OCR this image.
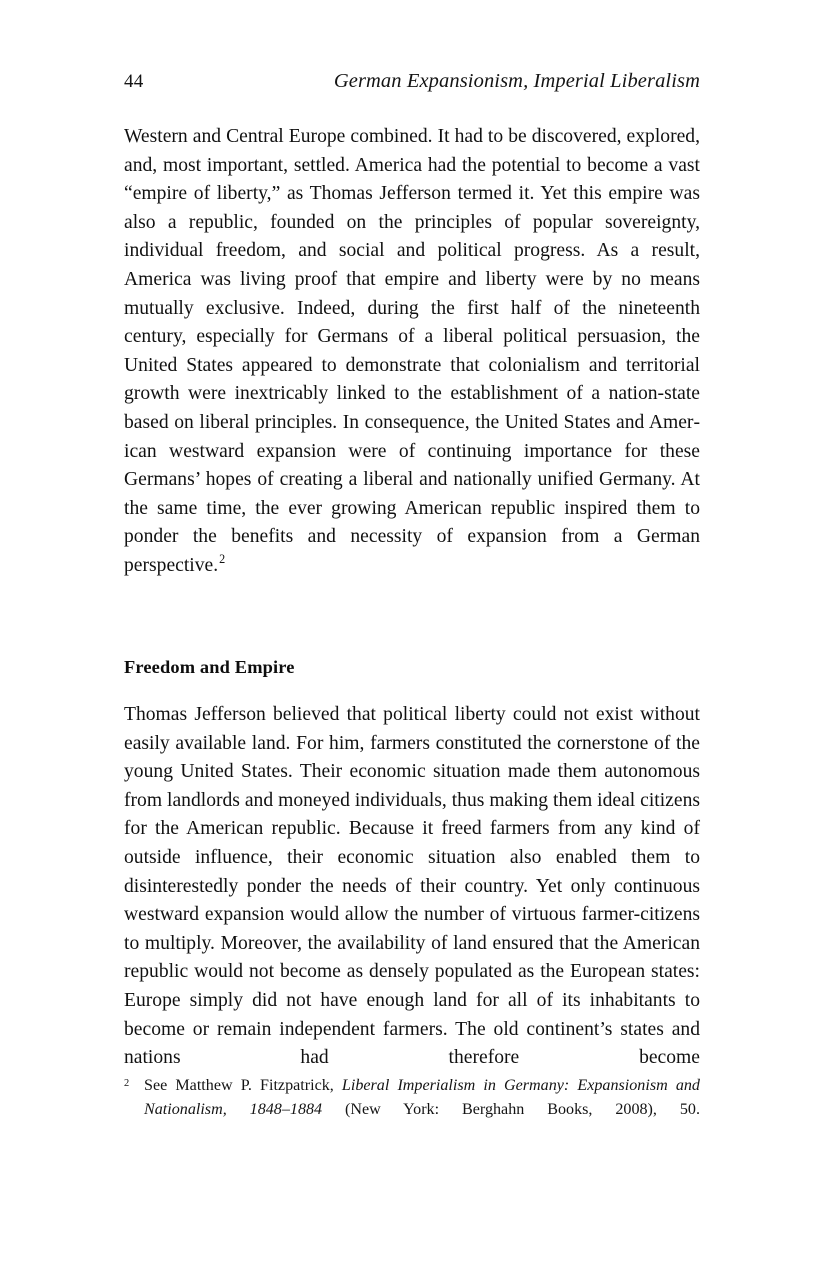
44	German Expansionism, Imperial Liberalism

Western and Central Europe combined. It had to be discovered, explored, and, most important, settled. America had the potential to become a vast “empire of liberty,” as Thomas Jefferson termed it. Yet this empire was also a republic, founded on the principles of popular sovereignty, individual freedom, and social and political progress. As a result, America was living proof that empire and liberty were by no means mutually exclusive. Indeed, during the first half of the nineteenth century, especially for Germans of a liberal political persuasion, the United States appeared to demonstrate that colonialism and territorial growth were inextricably linked to the establishment of a nation-state based on liberal principles. In consequence, the United States and American westward expansion were of continuing importance for these Germans’ hopes of creating a liberal and nationally unified Germany. At the same time, the ever growing American republic inspired them to ponder the benefits and necessity of expansion from a German perspective.$^2$

Freedom and Empire

Thomas Jefferson believed that political liberty could not exist without easily available land. For him, farmers constituted the cornerstone of the young United States. Their economic situation made them autonomous from landlords and moneyed individuals, thus making them ideal citizens for the American republic. Because it freed farmers from any kind of outside influence, their economic situation also enabled them to disinterestedly ponder the needs of their country. Yet only continuous westward expansion would allow the number of virtuous farmer-citizens to multiply. Moreover, the availability of land ensured that the American republic would not become as densely populated as the European states: Europe simply did not have enough land for all of its inhabitants to become or remain independent farmers. The old continent’s states and nations had therefore become

2 See Matthew P. Fitzpatrick, Liberal Imperialism in Germany: Expansionism and Nationalism, 1848–1884 (New York: Berghahn Books, 2008), 50.
